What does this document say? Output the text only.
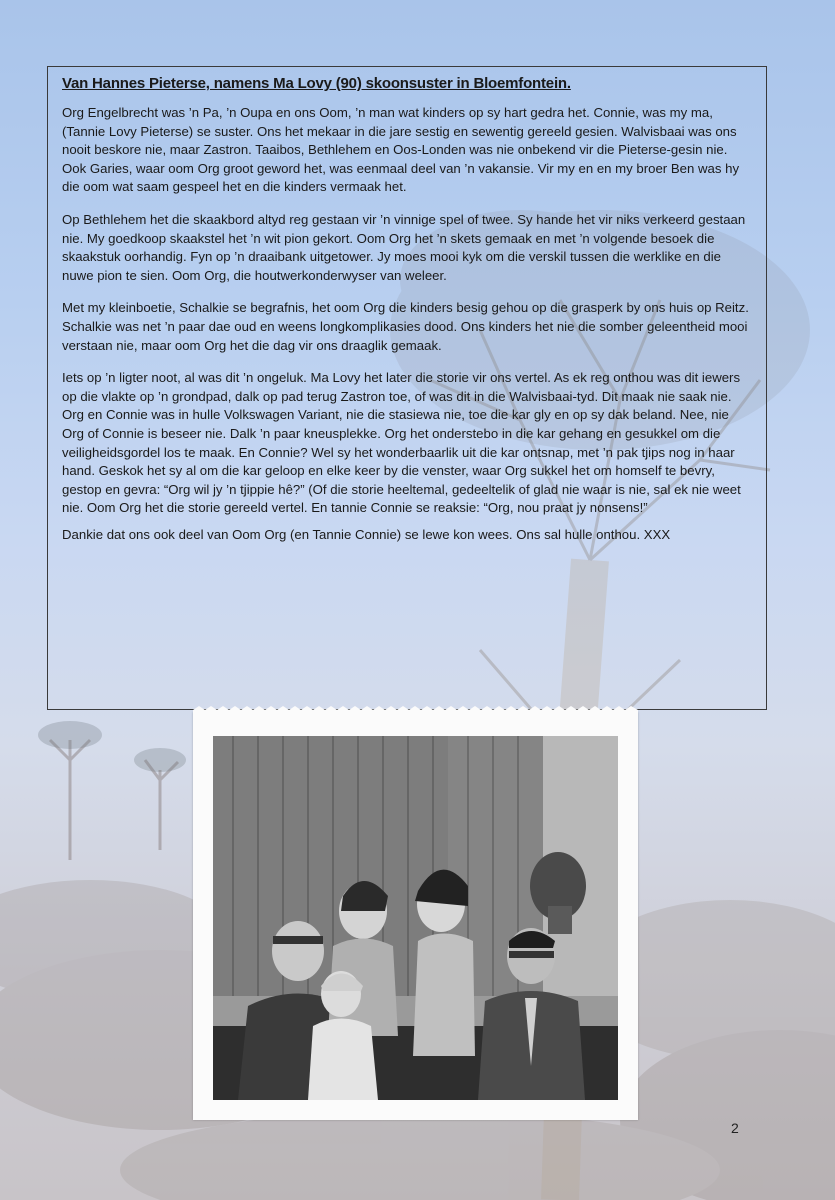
Van Hannes Pieterse, namens Ma Lovy (90) skoonsuster in Bloemfontein.

Org Engelbrecht was ’n Pa, ’n Oupa en ons Oom, ’n man wat kinders op sy hart gedra het. Connie, was my ma, (Tannie Lovy Pieterse) se suster. Ons het mekaar in die jare sestig en sewentig gereeld gesien. Walvisbaai was ons nooit beskore nie, maar Zastron. Taaibos, Bethlehem en Oos-Londen was nie onbekend vir die Pieterse-gesin nie. Ook Garies, waar oom Org groot geword het, was eenmaal deel van ’n vakansie. Vir my en en my broer Ben was hy die oom wat saam gespeel het en die kinders vermaak het.

Op Bethlehem het die skaakbord altyd reg gestaan vir ’n vinnige spel of twee. Sy hande het vir niks verkeerd gestaan nie. My goedkoop skaakstel het ’n wit pion gekort. Oom Org het ’n skets gemaak en met ’n volgende besoek die skaakstuk oorhandig. Fyn op ’n draaibank uitgetower. Jy moes mooi kyk om die verskil tussen die werklike en die nuwe pion te sien. Oom Org, die houtwerkonderwyser van weleer.

Met my kleinboetie, Schalkie se begrafnis, het oom Org die kinders besig gehou op die grasperk by ons huis op Reitz. Schalkie was net ’n paar dae oud en weens longkomplikasies dood. Ons kinders het nie die somber geleentheid mooi verstaan nie, maar oom Org het die dag vir ons draaglik gemaak.

Iets op ’n ligter noot, al was dit ’n ongeluk. Ma Lovy het later die storie vir ons vertel. As ek reg onthou was dit iewers op die vlakte op ’n grondpad, dalk op pad terug Zastron toe, of was dit in die Walvisbaai-tyd. Dit maak nie saak nie. Org en Connie was in hulle Volkswagen Variant, nie die stasiewa nie, toe die kar gly en op sy dak beland. Nee, nie Org of Connie is beseer nie. Dalk ’n paar kneusplekke. Org het onderstebo in die kar gehang en gesukkel om die veiligheidsgordel los te maak. En Connie? Wel sy het wonderbaarlik uit die kar ontsnap, met ’n pak tjips nog in haar hand. Geskok het sy al om die kar geloop en elke keer by die venster, waar Org sukkel het om homself te bevry, gestop en gevra: “Org wil jy ’n tjippie hê?” (Of die storie heeltemal, gedeeltelik of glad nie waar is nie, sal ek nie weet nie. Oom Org het die storie gereeld vertel. En tannie Connie se reaksie: “Org, nou praat jy nonsens!”

Dankie dat ons ook deel van Oom Org (en Tannie Connie) se lewe kon wees. Ons sal hulle onthou. XXX

2
